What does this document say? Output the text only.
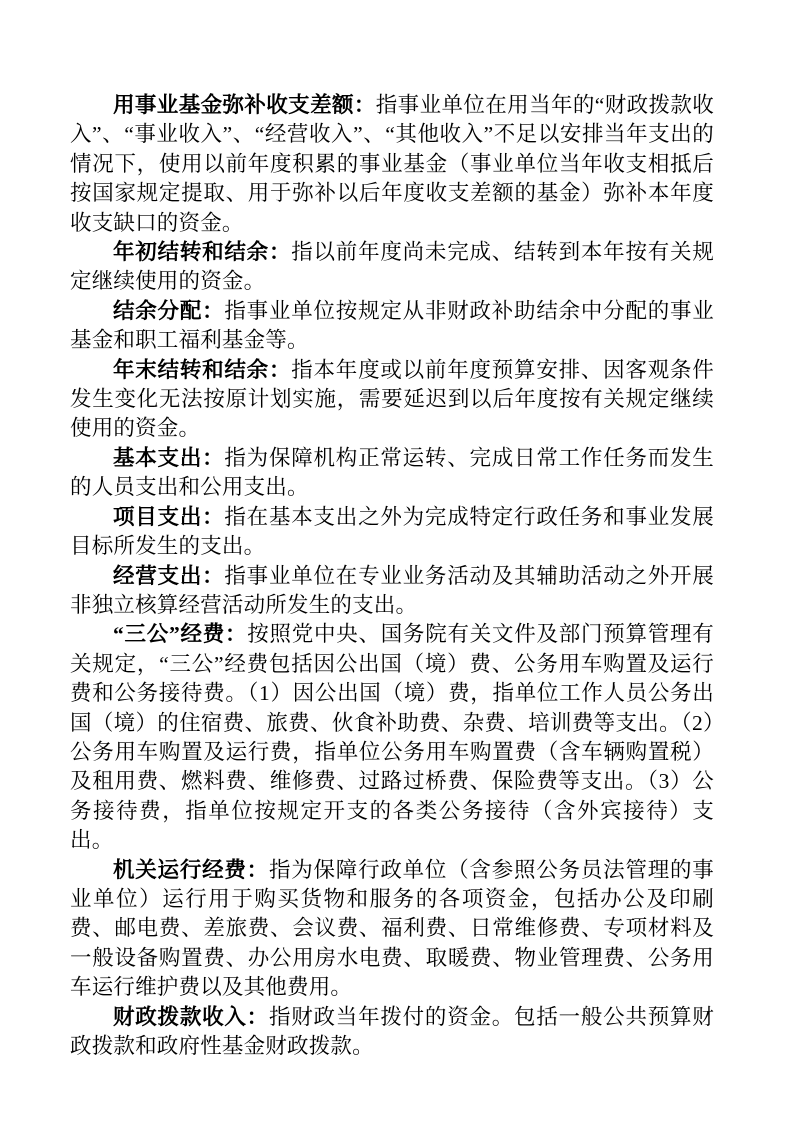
用事业基金弥补收支差额：指事业单位在用当年的“财政拨款收入”、“事业收入”、“经营收入”、“其他收入”不足以安排当年支出的情况下，使用以前年度积累的事业基金（事业单位当年收支相抵后按国家规定提取、用于弥补以后年度收支差额的基金）弥补本年度收支缺口的资金。

年初结转和结余：指以前年度尚未完成、结转到本年按有关规定继续使用的资金。

结余分配：指事业单位按规定从非财政补助结余中分配的事业基金和职工福利基金等。

年末结转和结余：指本年度或以前年度预算安排、因客观条件发生变化无法按原计划实施，需要延迟到以后年度按有关规定继续使用的资金。

基本支出：指为保障机构正常运转、完成日常工作任务而发生的人员支出和公用支出。

项目支出：指在基本支出之外为完成特定行政任务和事业发展目标所发生的支出。

经营支出：指事业单位在专业业务活动及其辅助活动之外开展非独立核算经营活动所发生的支出。

“三公”经费：按照党中央、国务院有关文件及部门预算管理有关规定，“三公”经费包括因公出国（境）费、公务用车购置及运行费和公务接待费。（1）因公出国（境）费，指单位工作人员公务出国（境）的住宿费、旅费、伙食补助费、杂费、培训费等支出。（2）公务用车购置及运行费，指单位公务用车购置费（含车辆购置税）及租用费、燃料费、维修费、过路过桥费、保险费等支出。（3）公务接待费，指单位按规定开支的各类公务接待（含外宾接待）支出。

机关运行经费：指为保障行政单位（含参照公务员法管理的事业单位）运行用于购买货物和服务的各项资金，包括办公及印刷费、邮电费、差旅费、会议费、福利费、日常维修费、专项材料及一般设备购置费、办公用房水电费、取暖费、物业管理费、公务用车运行维护费以及其他费用。

财政拨款收入：指财政当年拨付的资金。包括一般公共预算财政拨款和政府性基金财政拨款。
